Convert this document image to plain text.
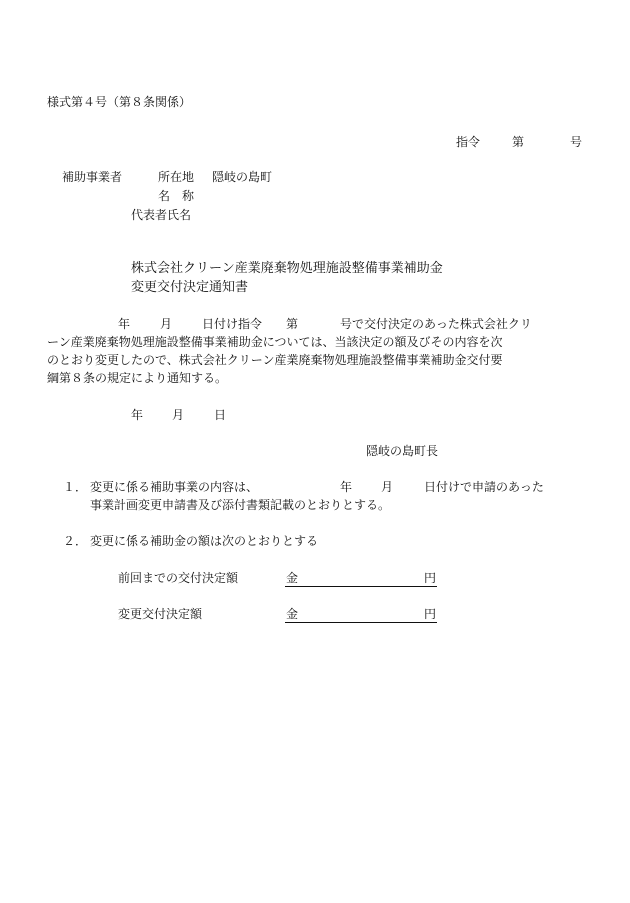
様式第４号（第８条関係）
指令	第	号
補助事業者	所在地 隠岐の島町
名　称
代表者氏名
株式会社クリーン産業廃棄物処理施設整備事業補助金
変更交付決定通知書
年 月 日付け指令 第	号で交付決定のあった株式会社クリ
ーン産業廃棄物処理施設整備事業補助金については、当該決定の額及びその内容を次
のとおり変更したので、株式会社クリーン産業廃棄物処理施設整備事業補助金交付要
綱第８条の規定により通知する。
年 月 日
隠岐の島町長
１． 変更に係る補助事業の内容は、	年 月	日付けで申請のあった
事業計画変更申請書及び添付書類記載のとおりとする。
２． 変更に係る補助金の額は次のとおりとする
前回までの交付決定額	金	円
変更交付決定額	金	円
